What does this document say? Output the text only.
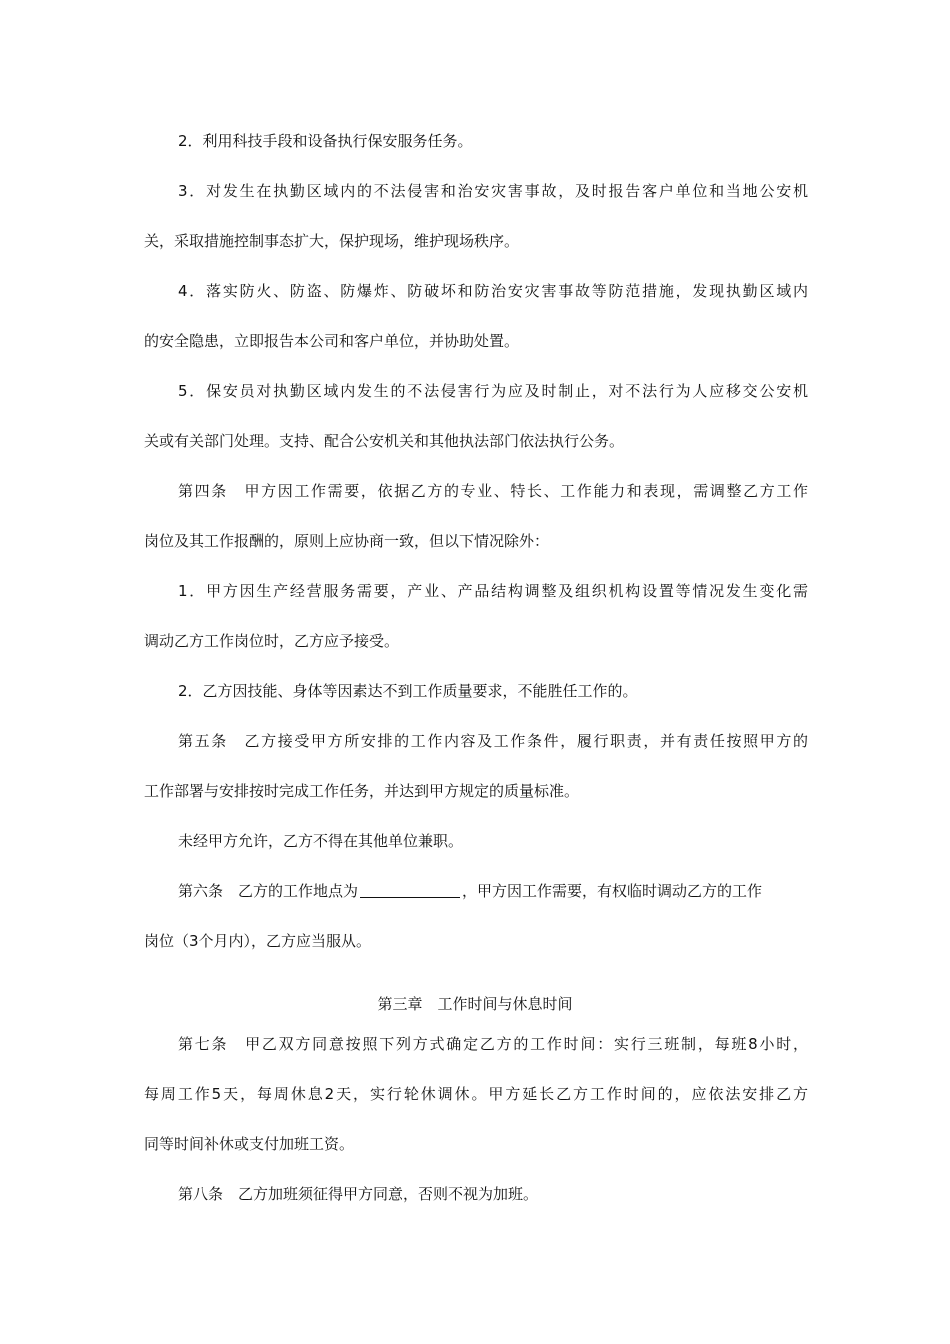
2．利用科技手段和设备执行保安服务任务。
3．对发生在执勤区域内的不法侵害和治安灾害事故，及时报告客户单位和当地公安机
关，采取措施控制事态扩大，保护现场，维护现场秩序。
4．落实防火、防盗、防爆炸、防破坏和防治安灾害事故等防范措施，发现执勤区域内
的安全隐患，立即报告本公司和客户单位，并协助处置。
5．保安员对执勤区域内发生的不法侵害行为应及时制止，对不法行为人应移交公安机
关或有关部门处理。支持、配合公安机关和其他执法部门依法执行公务。
第四条　甲方因工作需要，依据乙方的专业、特长、工作能力和表现，需调整乙方工作
岗位及其工作报酬的，原则上应协商一致，但以下情况除外：
1．甲方因生产经营服务需要，产业、产品结构调整及组织机构设置等情况发生变化需
调动乙方工作岗位时，乙方应予接受。
2．乙方因技能、身体等因素达不到工作质量要求，不能胜任工作的。
第五条　乙方接受甲方所安排的工作内容及工作条件，履行职责，并有责任按照甲方的
工作部署与安排按时完成工作任务，并达到甲方规定的质量标准。
未经甲方允许，乙方不得在其他单位兼职。
第六条　乙方的工作地点为	，甲方因工作需要，有权临时调动乙方的工作
岗位（3个月内），乙方应当服从。
第三章　工作时间与休息时间
第七条　甲乙双方同意按照下列方式确定乙方的工作时间：实行三班制，每班8小时，
每周工作5天，每周休息2天，实行轮休调休。甲方延长乙方工作时间的，应依法安排乙方
同等时间补休或支付加班工资。
第八条　乙方加班须征得甲方同意，否则不视为加班。
